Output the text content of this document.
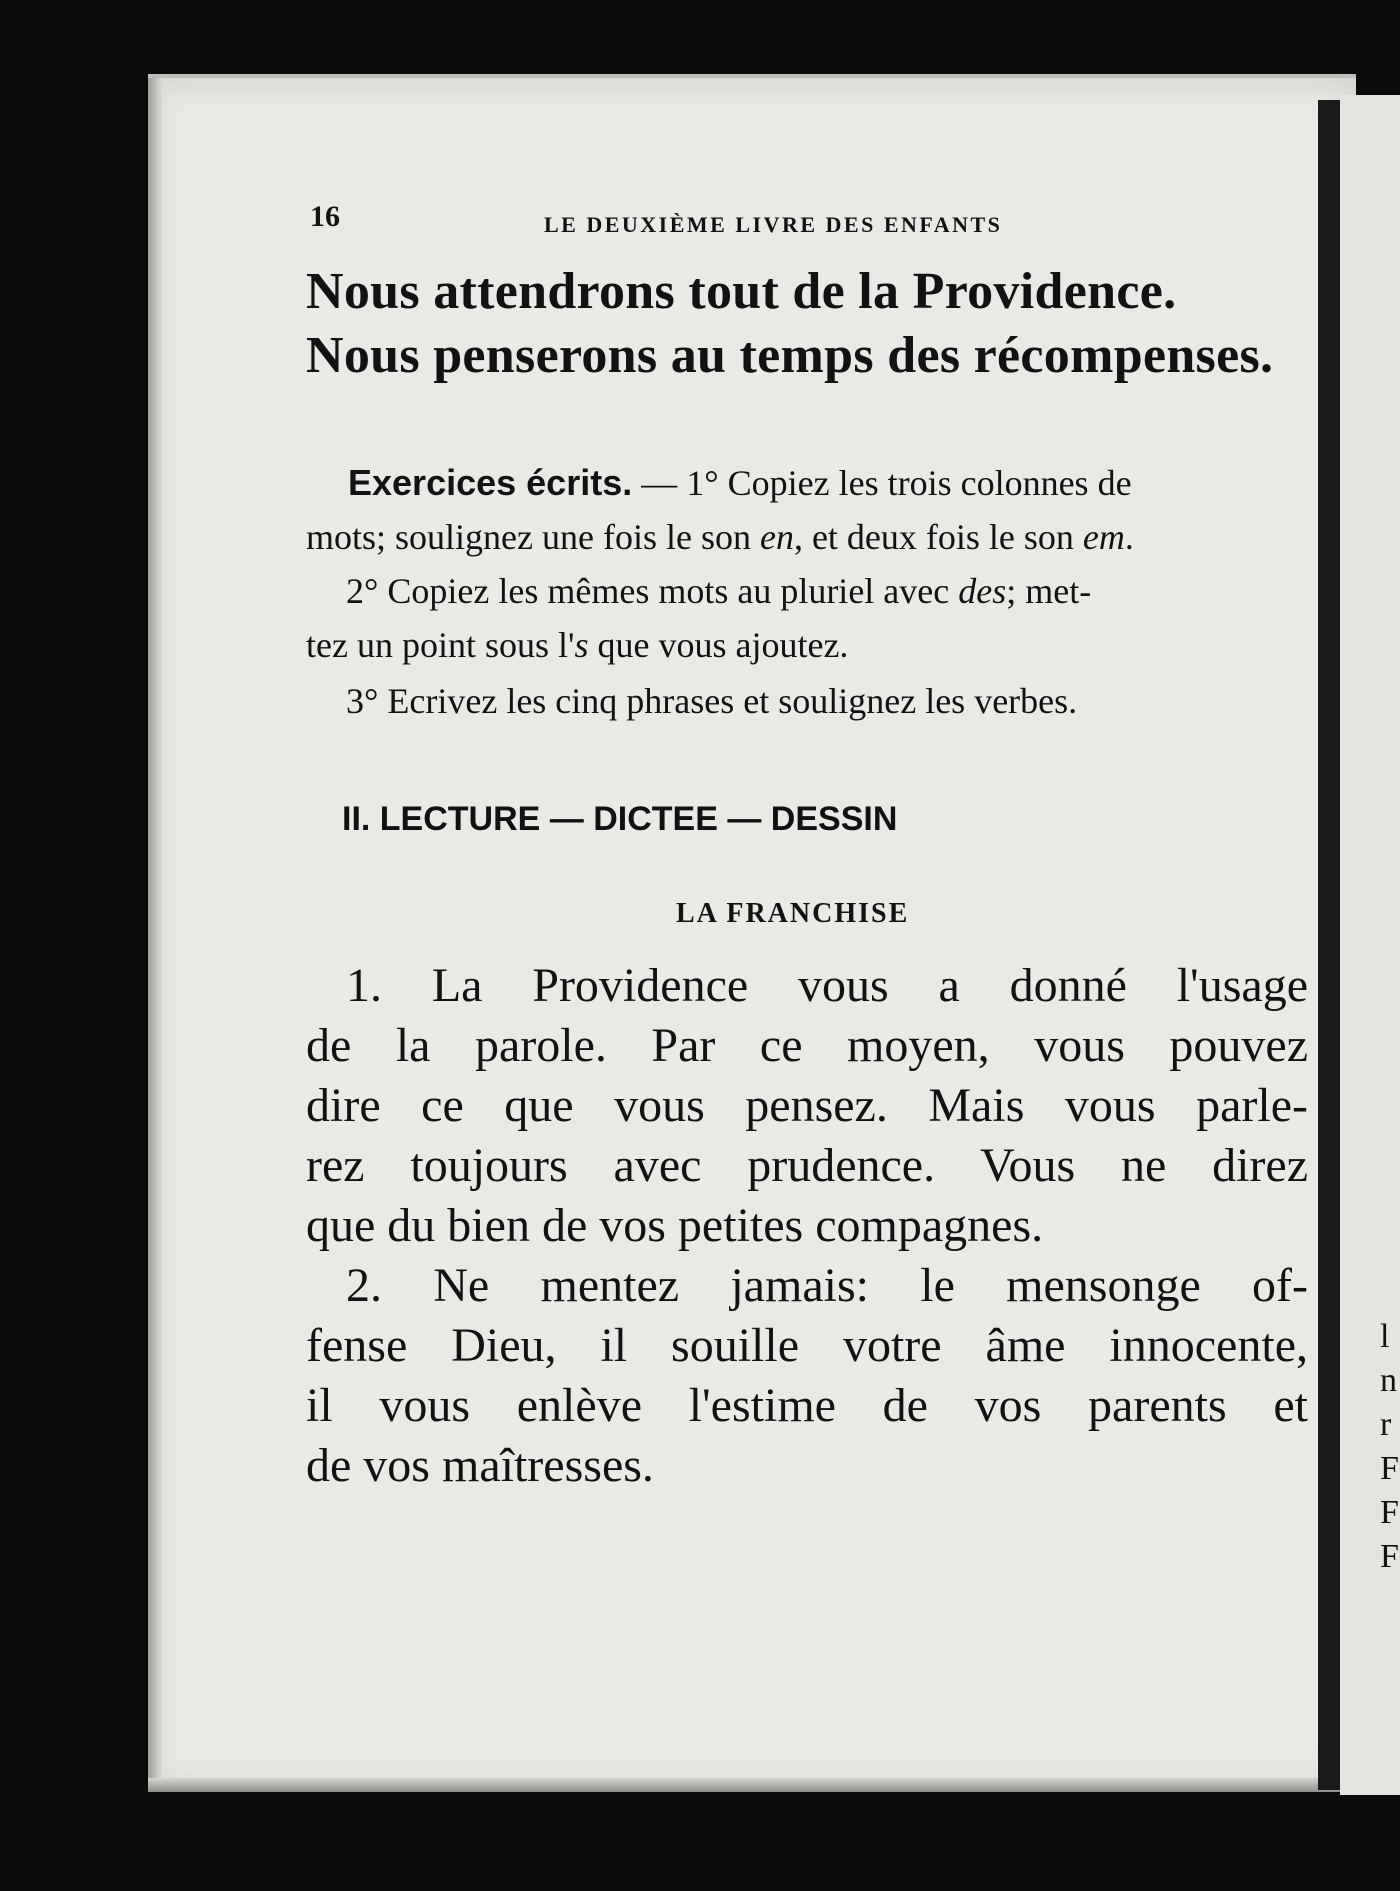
l
n
r
F
F
F
16	LE DEUXIÈME LIVRE DES ENFANTS
Nous attendrons tout de la Providence.
Nous penserons au temps des récompenses.
Exercices écrits. — 1° Copiez les trois colonnes de
mots; soulignez une fois le son en, et deux fois le son em.
2° Copiez les mêmes mots au pluriel avec des; met-
tez un point sous l's que vous ajoutez.
3° Ecrivez les cinq phrases et soulignez les verbes.
II. LECTURE — DICTEE — DESSIN
LA FRANCHISE
1. La Providence vous a donné l'usage
de la parole. Par ce moyen, vous pouvez
dire ce que vous pensez. Mais vous parle-
rez toujours avec prudence. Vous ne direz
que du bien de vos petites compagnes.
2. Ne mentez jamais: le mensonge of-
fense Dieu, il souille votre âme innocente,
il vous enlève l'estime de vos parents et
de vos maîtresses.
